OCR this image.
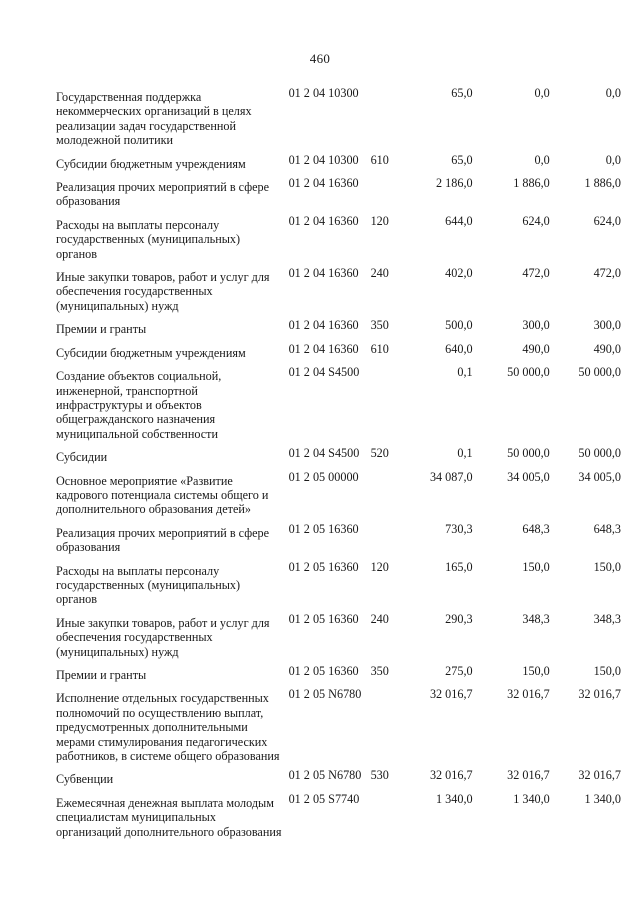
460
Государственная поддержка некоммерческих организаций в целях реализации задач государственной молодежной политики
01 2 04 10300	65,0	0,0	0,0
Субсидии бюджетным учреждениям	01 2 04 10300 610	65,0	0,0	0,0
Реализация прочих мероприятий в сфере образования
01 2 04 16360	2 186,0	1 886,0	1 886,0
Расходы на выплаты персоналу государственных (муниципальных) органов
01 2 04 16360 120	644,0	624,0	624,0
Иные закупки товаров, работ и услуг для обеспечения государственных (муниципальных) нужд
01 2 04 16360 240	402,0	472,0	472,0
Премии и гранты	01 2 04 16360 350	500,0	300,0	300,0
Субсидии бюджетным учреждениям	01 2 04 16360 610	640,0	490,0	490,0
Создание объектов социальной, инженерной, транспортной инфраструктуры и объектов общегражданского назначения муниципальной собственности
01 2 04 S4500	0,1	50 000,0	50 000,0
Субсидии	01 2 04 S4500 520	0,1	50 000,0	50 000,0
Основное мероприятие «Развитие кадрового потенциала системы общего и дополнительного образования детей»
01 2 05 00000	34 087,0	34 005,0	34 005,0
Реализация прочих мероприятий в сфере образования
01 2 05 16360	730,3	648,3	648,3
Расходы на выплаты персоналу государственных (муниципальных) органов
01 2 05 16360 120	165,0	150,0	150,0
Иные закупки товаров, работ и услуг для обеспечения государственных (муниципальных) нужд
01 2 05 16360 240	290,3	348,3	348,3
Премии и гранты	01 2 05 16360 350	275,0	150,0	150,0
Исполнение отдельных государственных полномочий по осуществлению выплат, предусмотренных дополнительными мерами стимулирования педагогических работников, в системе общего образования
01 2 05 N6780	32 016,7	32 016,7	32 016,7
Субвенции	01 2 05 N6780 530	32 016,7	32 016,7	32 016,7
Ежемесячная денежная выплата молодым специалистам муниципальных организаций дополнительного образования
01 2 05 S7740	1 340,0	1 340,0	1 340,0
